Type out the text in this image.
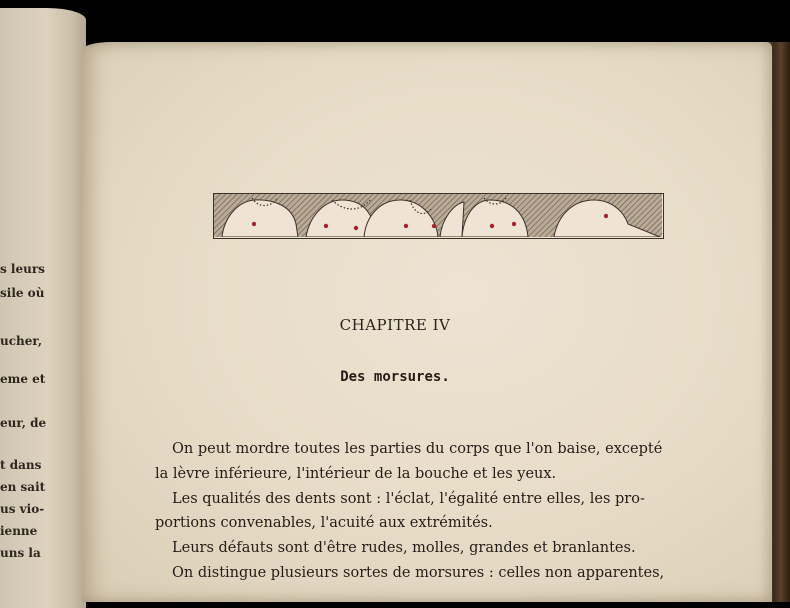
s leurs
sile où
ucher,
eme et
eur, de
t dans
en sait
us vio-
ienne
uns la
CHAPITRE IV
Des morsures.
On peut mordre toutes les parties du corps que l'on baise, excepté
la lèvre inférieure, l'intérieur de la bouche et les yeux.
Les qualités des dents sont : l'éclat, l'égalité entre elles, les pro-
portions convenables, l'acuité aux extrémités.
Leurs défauts sont d'être rudes, molles, grandes et branlantes.
On distingue plusieurs sortes de morsures : celles non apparentes,
